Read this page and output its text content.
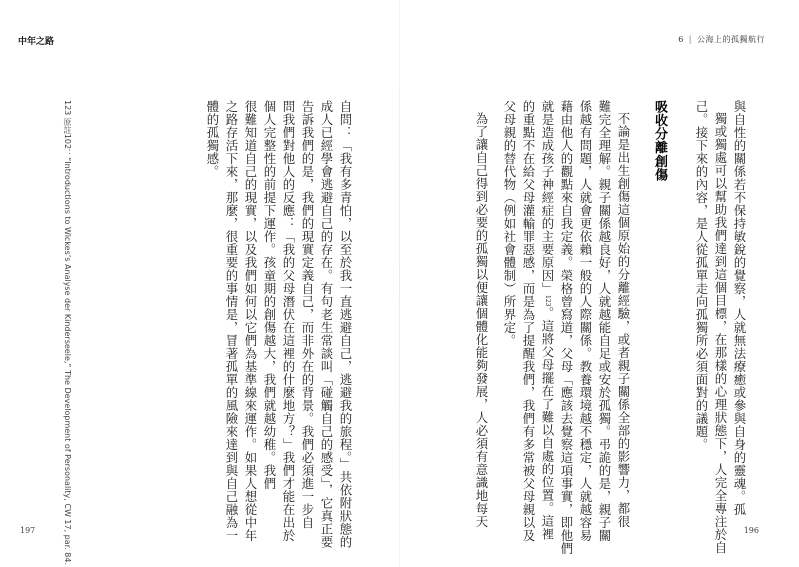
中年之路	6 | 公海上的孤獨航行
與自性的關係若不保持敏銳的覺察，人就無法療癒或參與自身的靈魂。孤
獨或獨處可以幫助我們達到這個目標，在那樣的心理狀態下，人完全專注於自
己。接下來的內容，是人從孤單走向孤獨所必須面對的議題。
吸收分離創傷
不論是出生創傷這個原始的分離經驗，或者親子關係全部的影響力，都很
難完全理解。親子關係越良好，人就越能自足或安於孤獨。弔詭的是，親子關
係越有問題，人就會更依賴一般的人際關係。教養環境越不穩定，人就越容易
藉由他人的觀點來自我定義。榮格曾寫道，父母「應該去覺察這項事實，即他們
就是造成孩子神經症的主要原因」123。這將父母擺在了難以自處的位置。這裡
的重點不在給父母灌輸罪惡感，而是為了提醒我們，我們有多常被父母親以及
父母親的替代物（例如社會體制）所界定。
為了讓自己得到必要的孤獨以便讓個體化能夠發展，人必須有意識地每天
自問：「我有多青怕，以至於我一直逃避自己，逃避我的旅程。」共依附狀態的
成人已經學會逃避自己的存在。有句老生常談叫「碰觸自己的感受」，它真正要
告訴我們的是，我們的現實定義自己，而非外在的背景。我們必須進一步自
問我們對他人的反應：「我的父母潛伏在這裡的什麼地方？」我們才能在出於
個人完整性的前提下運作。孩童期的創傷越大，我們就越幼稚。我們
很難知道自己的現實，以及我們如何以它們為基準線來運作。如果人想從中年
之路存活下來，那麼，很重要的事情是，冒著孤單的風險來達到與自己融為一
體的孤獨感。
123 原註102：“Introductions to Wickes’s Analyse der Kinderseele,” The Development of Personality, CW 17, par. 84.
197	196
